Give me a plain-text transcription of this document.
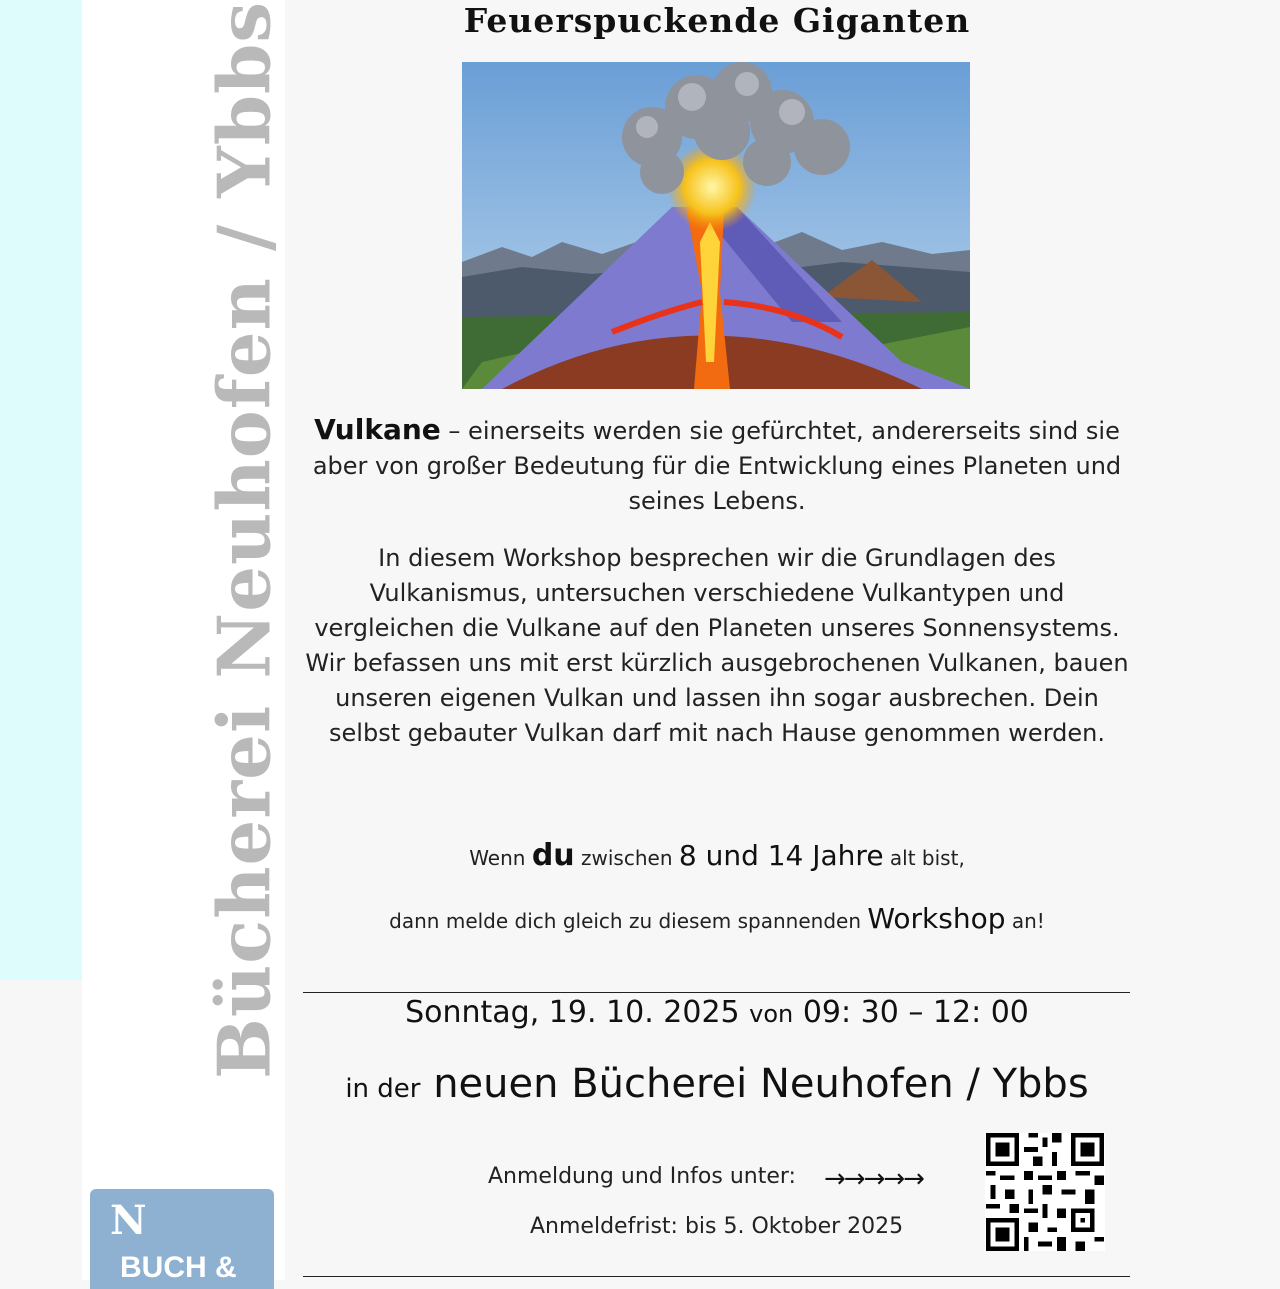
Bücherei Neuhofen / Ybbs
N
BUCH &
Feuerspuckende Giganten
Vulkane – einerseits werden sie gefürchtet, andererseits sind sie aber von großer Bedeutung für die Entwicklung eines Planeten und seines Lebens.
In diesem Workshop besprechen wir die Grundlagen des Vulkanismus, untersuchen verschiedene Vulkantypen und vergleichen die Vulkane auf den Planeten unseres Sonnensystems. Wir befassen uns mit erst kürzlich ausgebrochenen Vulkanen, bauen unseren eigenen Vulkan und lassen ihn sogar ausbrechen. Dein selbst gebauter Vulkan darf mit nach Hause genommen werden.
Wenn du zwischen 8 und 14 Jahre alt bist,
dann melde dich gleich zu diesem spannenden Workshop an!
Sonntag, 19. 10. 2025 von 09: 30 – 12: 00
in der neuen Bücherei Neuhofen / Ybbs
Anmeldung und Infos unter: →→→→→
Anmeldefrist: bis 5. Oktober 2025
